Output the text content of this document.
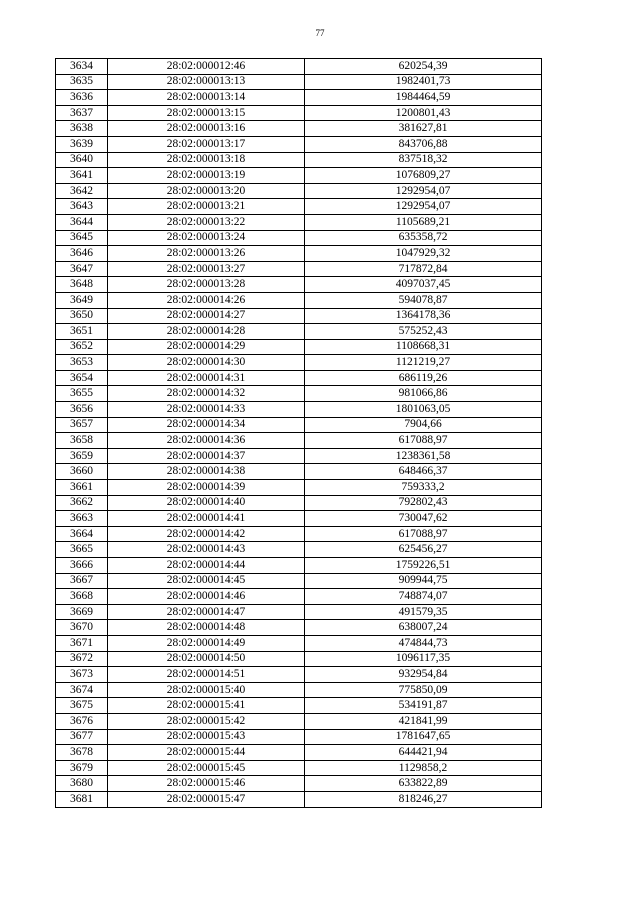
77
3634	28:02:000012:46	620254,39
3635	28:02:000013:13	1982401,73
3636	28:02:000013:14	1984464,59
3637	28:02:000013:15	1200801,43
3638	28:02:000013:16	381627,81
3639	28:02:000013:17	843706,88
3640	28:02:000013:18	837518,32
3641	28:02:000013:19	1076809,27
3642	28:02:000013:20	1292954,07
3643	28:02:000013:21	1292954,07
3644	28:02:000013:22	1105689,21
3645	28:02:000013:24	635358,72
3646	28:02:000013:26	1047929,32
3647	28:02:000013:27	717872,84
3648	28:02:000013:28	4097037,45
3649	28:02:000014:26	594078,87
3650	28:02:000014:27	1364178,36
3651	28:02:000014:28	575252,43
3652	28:02:000014:29	1108668,31
3653	28:02:000014:30	1121219,27
3654	28:02:000014:31	686119,26
3655	28:02:000014:32	981066,86
3656	28:02:000014:33	1801063,05
3657	28:02:000014:34	7904,66
3658	28:02:000014:36	617088,97
3659	28:02:000014:37	1238361,58
3660	28:02:000014:38	648466,37
3661	28:02:000014:39	759333,2
3662	28:02:000014:40	792802,43
3663	28:02:000014:41	730047,62
3664	28:02:000014:42	617088,97
3665	28:02:000014:43	625456,27
3666	28:02:000014:44	1759226,51
3667	28:02:000014:45	909944,75
3668	28:02:000014:46	748874,07
3669	28:02:000014:47	491579,35
3670	28:02:000014:48	638007,24
3671	28:02:000014:49	474844,73
3672	28:02:000014:50	1096117,35
3673	28:02:000014:51	932954,84
3674	28:02:000015:40	775850,09
3675	28:02:000015:41	534191,87
3676	28:02:000015:42	421841,99
3677	28:02:000015:43	1781647,65
3678	28:02:000015:44	644421,94
3679	28:02:000015:45	1129858,2
3680	28:02:000015:46	633822,89
3681	28:02:000015:47	818246,27
